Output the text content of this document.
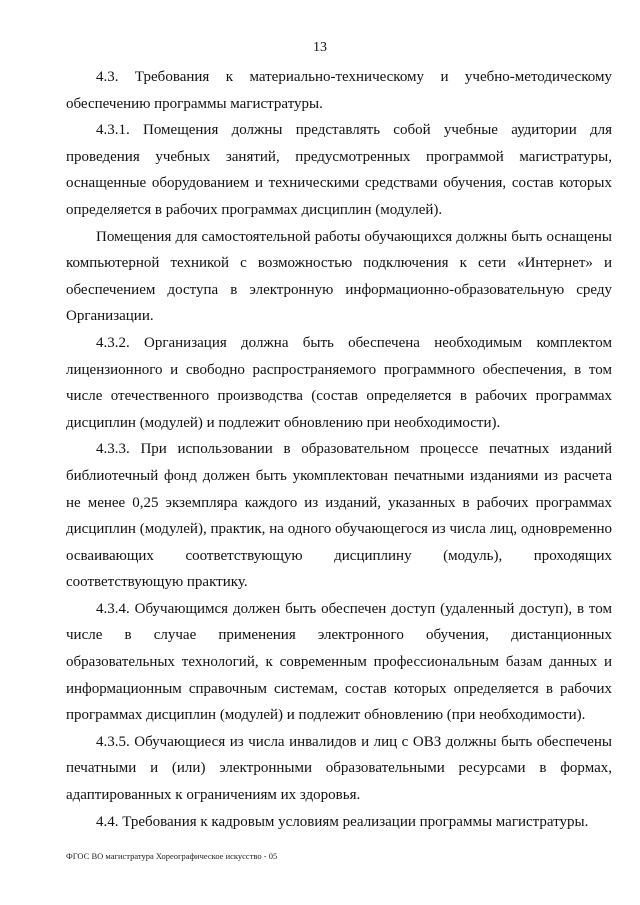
13

4.3. Требования к материально-техническому и учебно-методическому обеспечению программы магистратуры.

4.3.1. Помещения должны представлять собой учебные аудитории для проведения учебных занятий, предусмотренных программой магистратуры, оснащенные оборудованием и техническими средствами обучения, состав которых определяется в рабочих программах дисциплин (модулей).

Помещения для самостоятельной работы обучающихся должны быть оснащены компьютерной техникой с возможностью подключения к сети «Интернет» и обеспечением доступа в электронную информационно-образовательную среду Организации.

4.3.2. Организация должна быть обеспечена необходимым комплектом лицензионного и свободно распространяемого программного обеспечения, в том числе отечественного производства (состав определяется в рабочих программах дисциплин (модулей) и подлежит обновлению при необходимости).

4.3.3. При использовании в образовательном процессе печатных изданий библиотечный фонд должен быть укомплектован печатными изданиями из расчета не менее 0,25 экземпляра каждого из изданий, указанных в рабочих программах дисциплин (модулей), практик, на одного обучающегося из числа лиц, одновременно осваивающих соответствующую дисциплину (модуль), проходящих соответствующую практику.

4.3.4. Обучающимся должен быть обеспечен доступ (удаленный доступ), в том числе в случае применения электронного обучения, дистанционных образовательных технологий, к современным профессиональным базам данных и информационным справочным системам, состав которых определяется в рабочих программах дисциплин (модулей) и подлежит обновлению (при необходимости).

4.3.5. Обучающиеся из числа инвалидов и лиц с ОВЗ должны быть обеспечены печатными и (или) электронными образовательными ресурсами в формах, адаптированных к ограничениям их здоровья.

4.4. Требования к кадровым условиям реализации программы магистратуры.

ФГОС ВО магистратура Хореографическое искусство - 05
